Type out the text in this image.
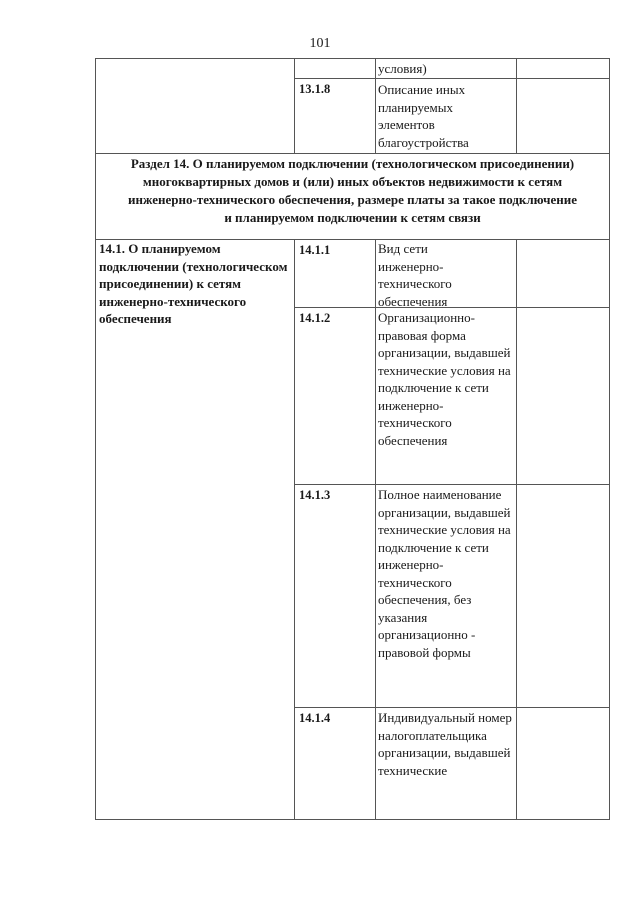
101
условия)
13.1.8	Описание иных планируемых элементов благоустройства
Раздел 14. О планируемом подключении (технологическом присоединении) многоквартирных домов и (или) иных объектов недвижимости к сетям инженерно-технического обеспечения, размере платы за такое подключение и планируемом подключении к сетям связи
14.1. О планируемом подключении (технологическом присоединении) к сетям инженерно-технического обеспечения
14.1.1	Вид сети инженерно-технического обеспечения
14.1.2	Организационно-правовая форма организации, выдавшей технические условия на подключение к сети инженерно-технического обеспечения
14.1.3	Полное наименование организации, выдавшей технические условия на подключение к сети инженерно-технического обеспечения, без указания организационно - правовой формы
14.1.4	Индивидуальный номер налогоплательщика организации, выдавшей технические
